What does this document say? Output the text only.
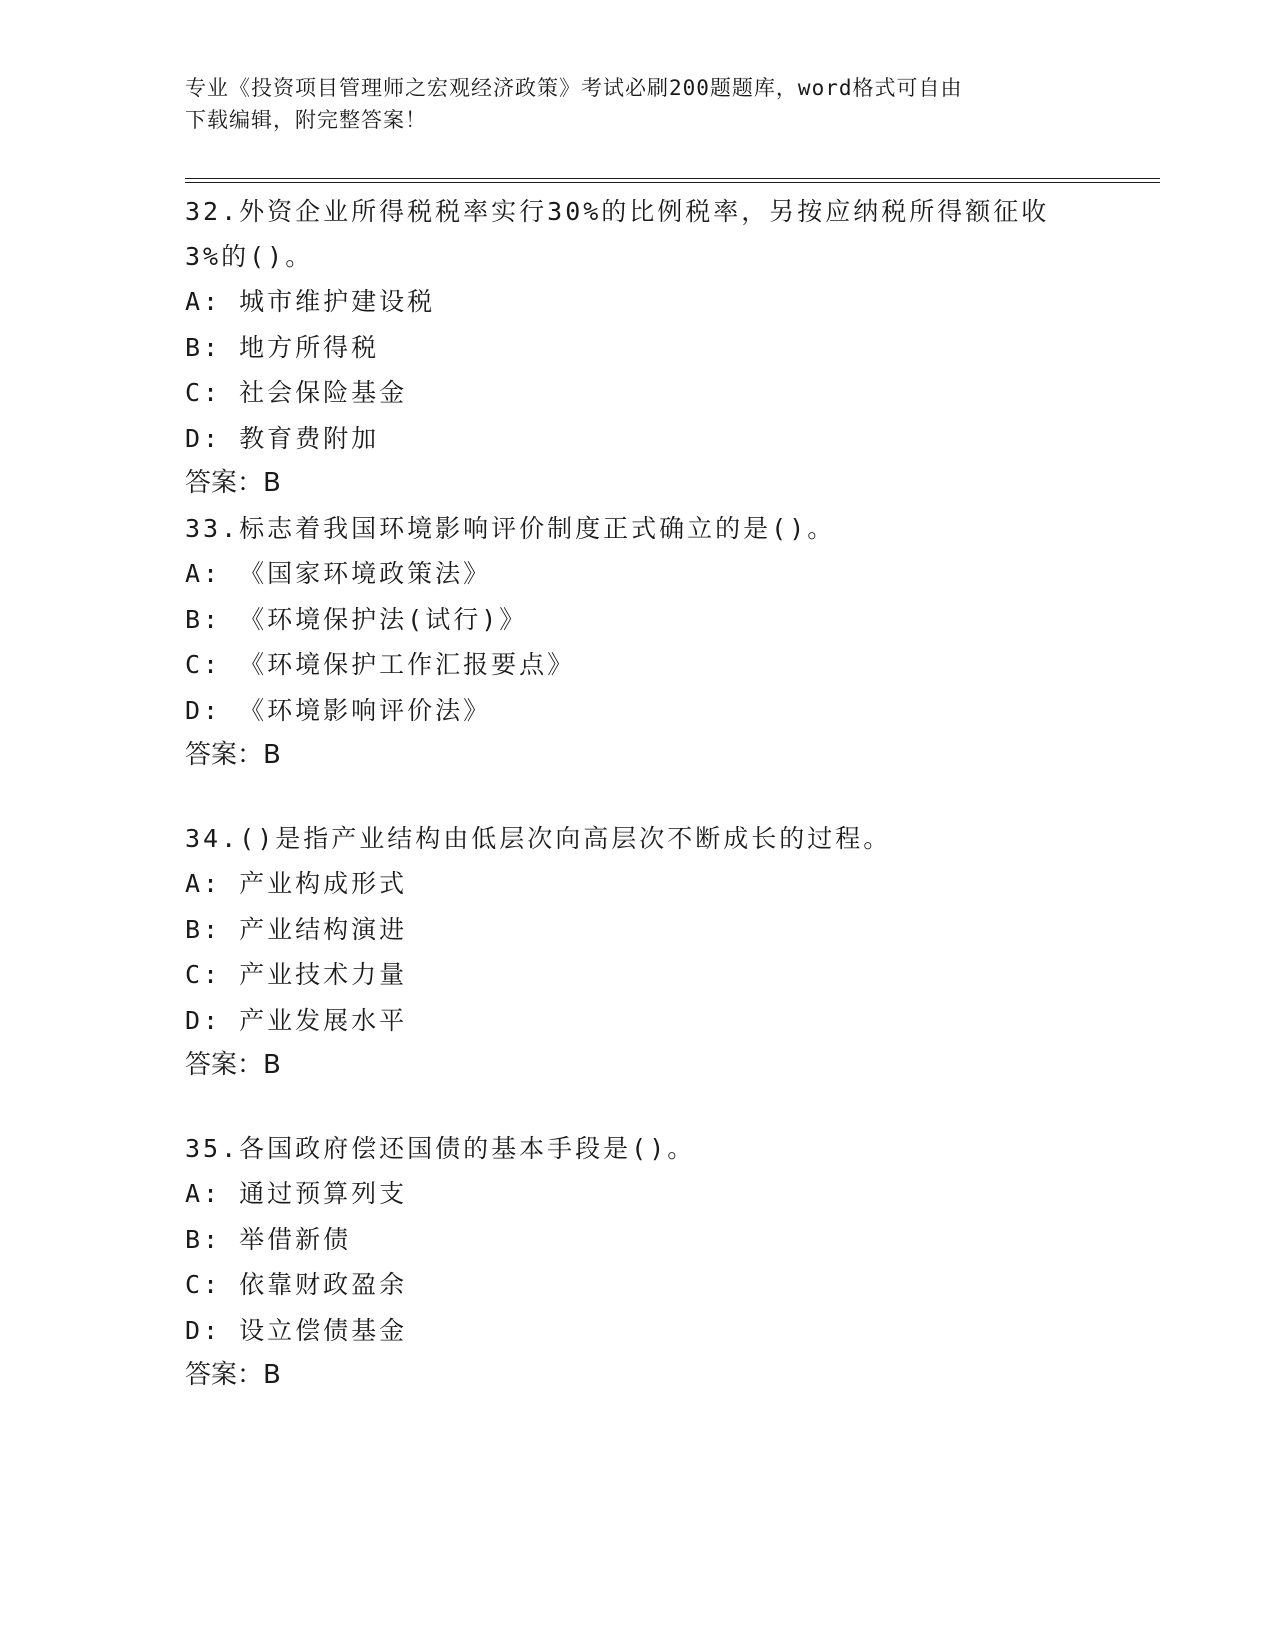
专业《投资项目管理师之宏观经济政策》考试必刷200题题库，word格式可自由
下载编辑，附完整答案！

32.外资企业所得税税率实行30%的比例税率，另按应纳税所得额征收

3%的()。

A: 城市维护建设税

B: 地方所得税

C: 社会保险基金

D: 教育费附加

答案：B

33.标志着我国环境影响评价制度正式确立的是()。

A: 《国家环境政策法》

B: 《环境保护法(试行)》

C: 《环境保护工作汇报要点》

D: 《环境影响评价法》

答案：B

34.()是指产业结构由低层次向高层次不断成长的过程。

A: 产业构成形式

B: 产业结构演进

C: 产业技术力量

D: 产业发展水平

答案：B

35.各国政府偿还国债的基本手段是()。

A: 通过预算列支

B: 举借新债

C: 依靠财政盈余

D: 设立偿债基金

答案：B
